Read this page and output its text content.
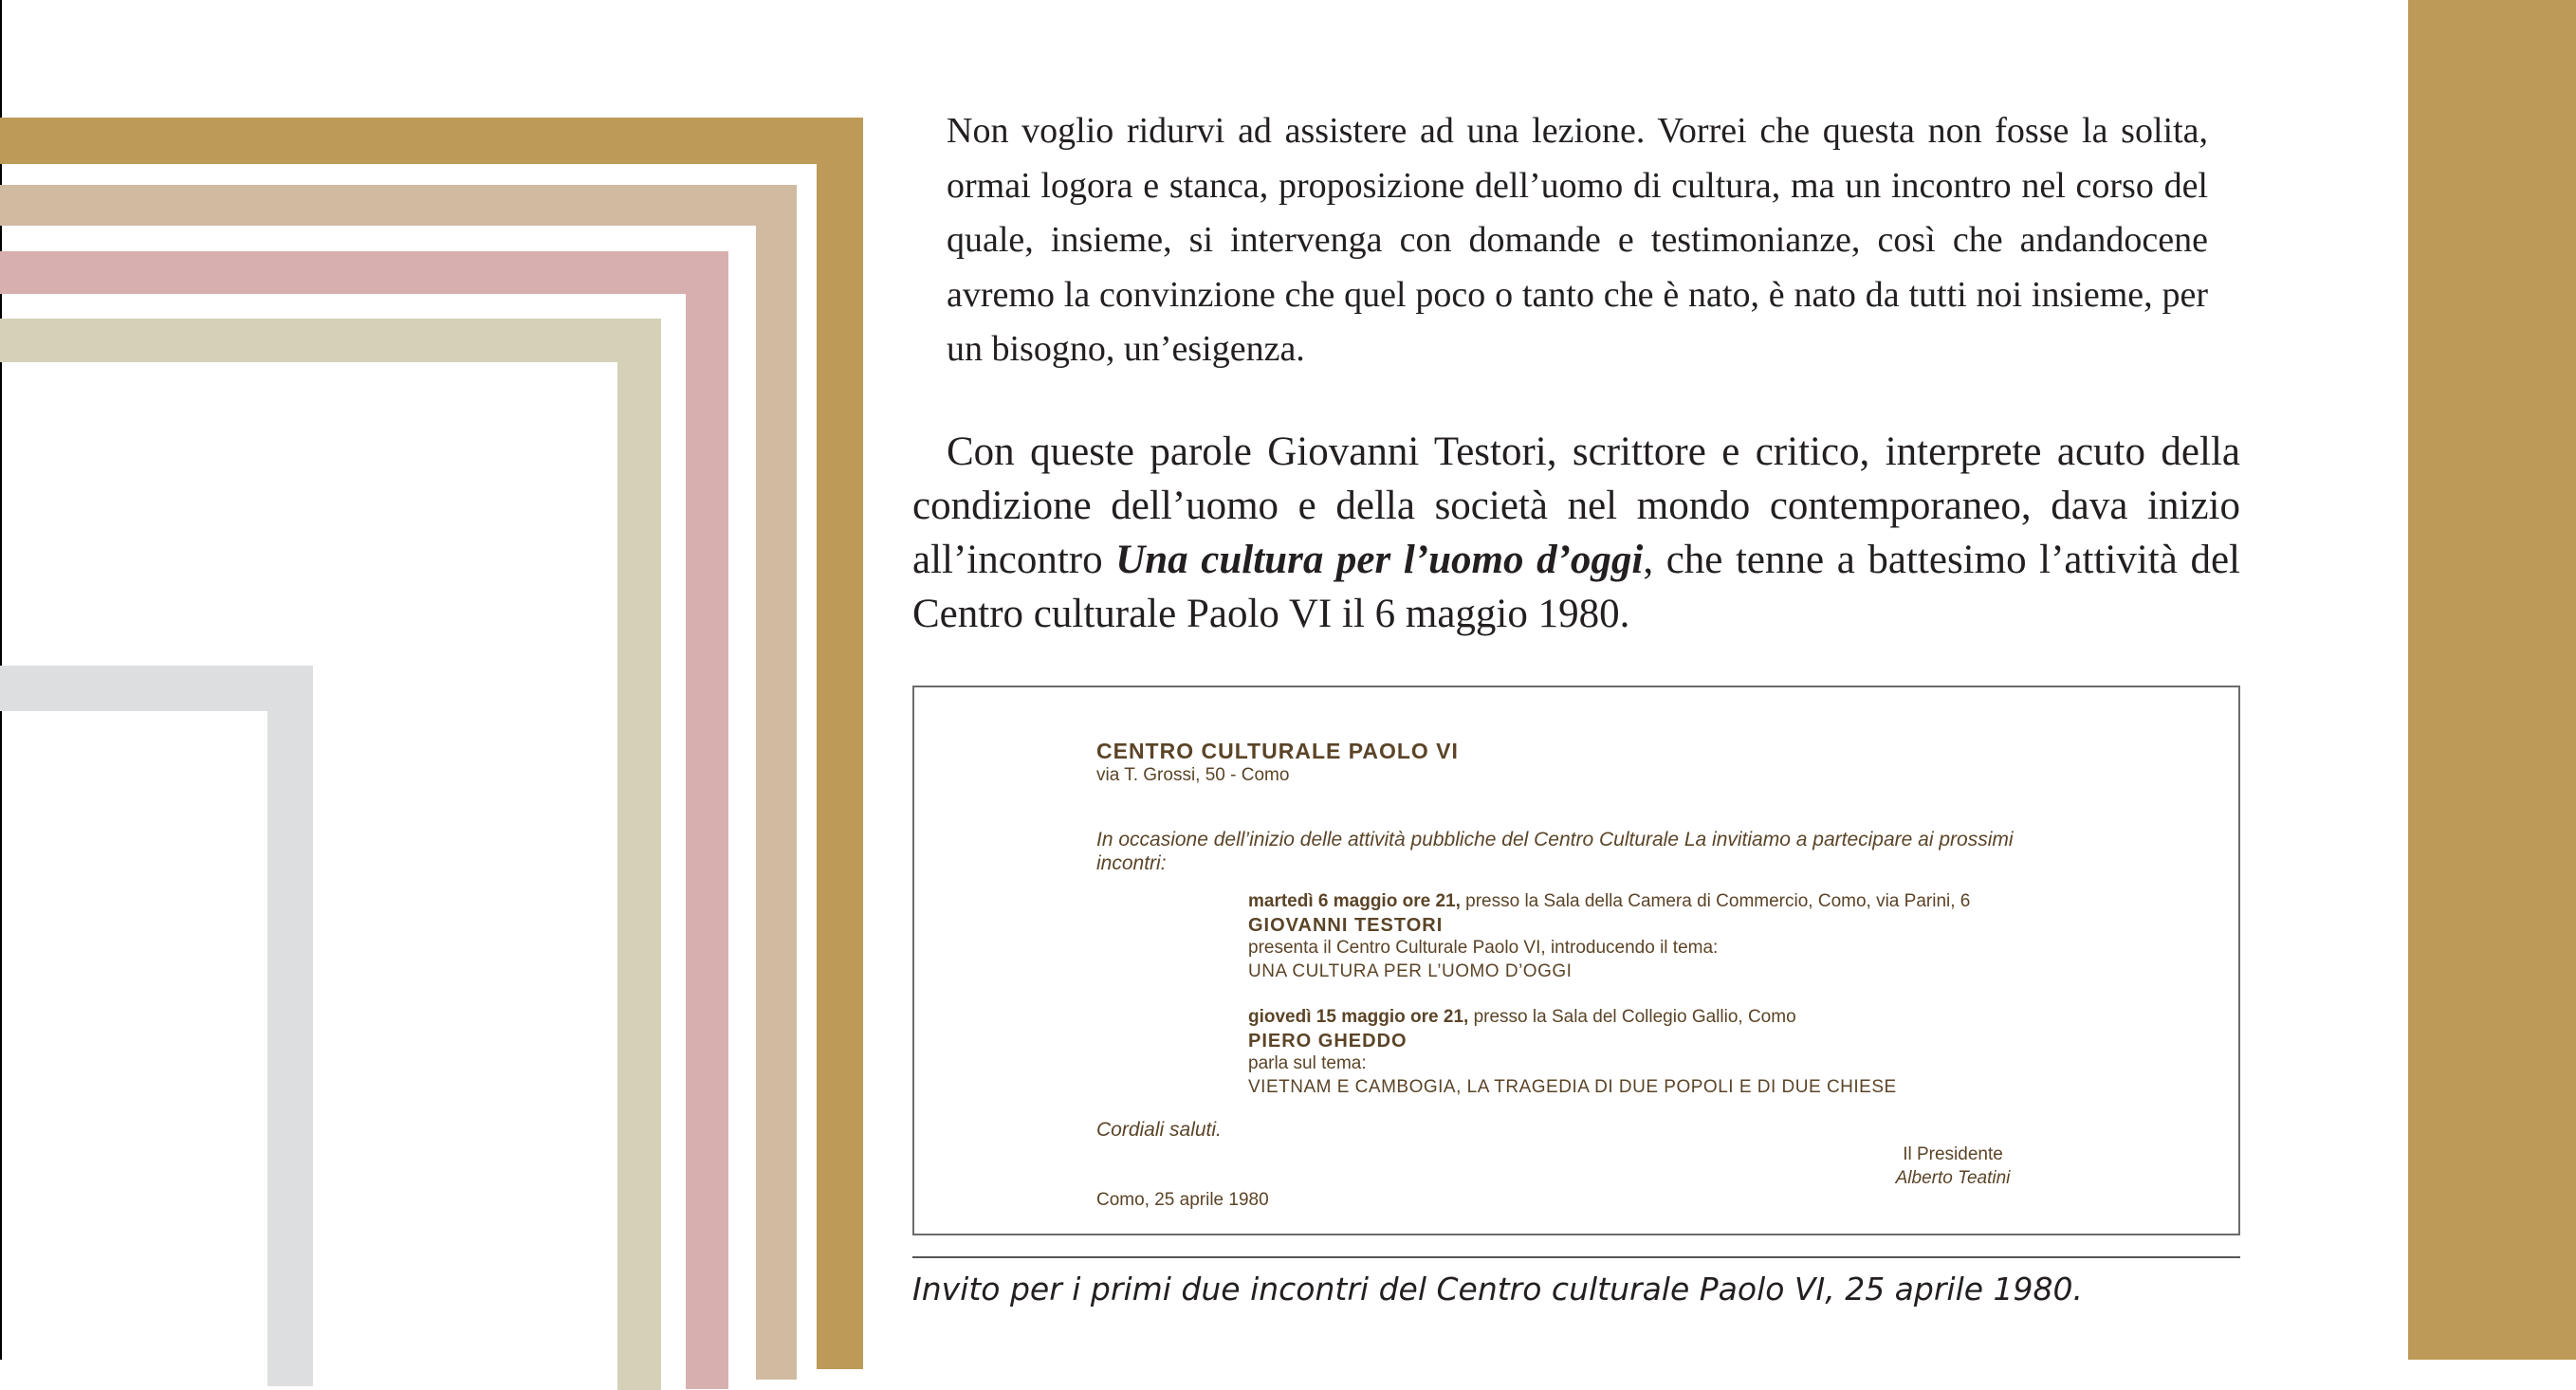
Non voglio ridurvi ad assistere ad una lezione. Vorrei che questa non fosse la solita, ormai logora e stanca, proposizione dell’uomo di cultura, ma un incontro nel corso del quale, insieme, si intervenga con domande e testimonianze, così che andandocene avremo la convinzione che quel poco o tanto che è nato, è nato da tutti noi insieme, per un bisogno, un’esigenza.

Con queste parole Giovanni Testori, scrittore e critico, interprete acuto della condizione dell’uomo e della società nel mondo contemporaneo, dava inizio all’incontro Una cultura per l’uomo d’oggi, che tenne a battesimo l’attività del Centro culturale Paolo VI il 6 maggio 1980.

CENTRO CULTURALE PAOLO VI
via T. Grossi, 50 - Como
In occasione dell’inizio delle attività pubbliche del Centro Culturale La invitiamo a partecipare ai prossimi incontri:
martedì 6 maggio ore 21, presso la Sala della Camera di Commercio, Como, via Parini, 6
GIOVANNI TESTORI
presenta il Centro Culturale Paolo VI, introducendo il tema:
UNA CULTURA PER L’UOMO D’OGGI
giovedì 15 maggio ore 21, presso la Sala del Collegio Gallio, Como
PIERO GHEDDO
parla sul tema:
VIETNAM E CAMBOGIA, LA TRAGEDIA DI DUE POPOLI E DI DUE CHIESE
Cordiali saluti.
Il Presidente
Alberto Teatini
Como, 25 aprile 1980
Invito per i primi due incontri del Centro culturale Paolo VI, 25 aprile 1980.
